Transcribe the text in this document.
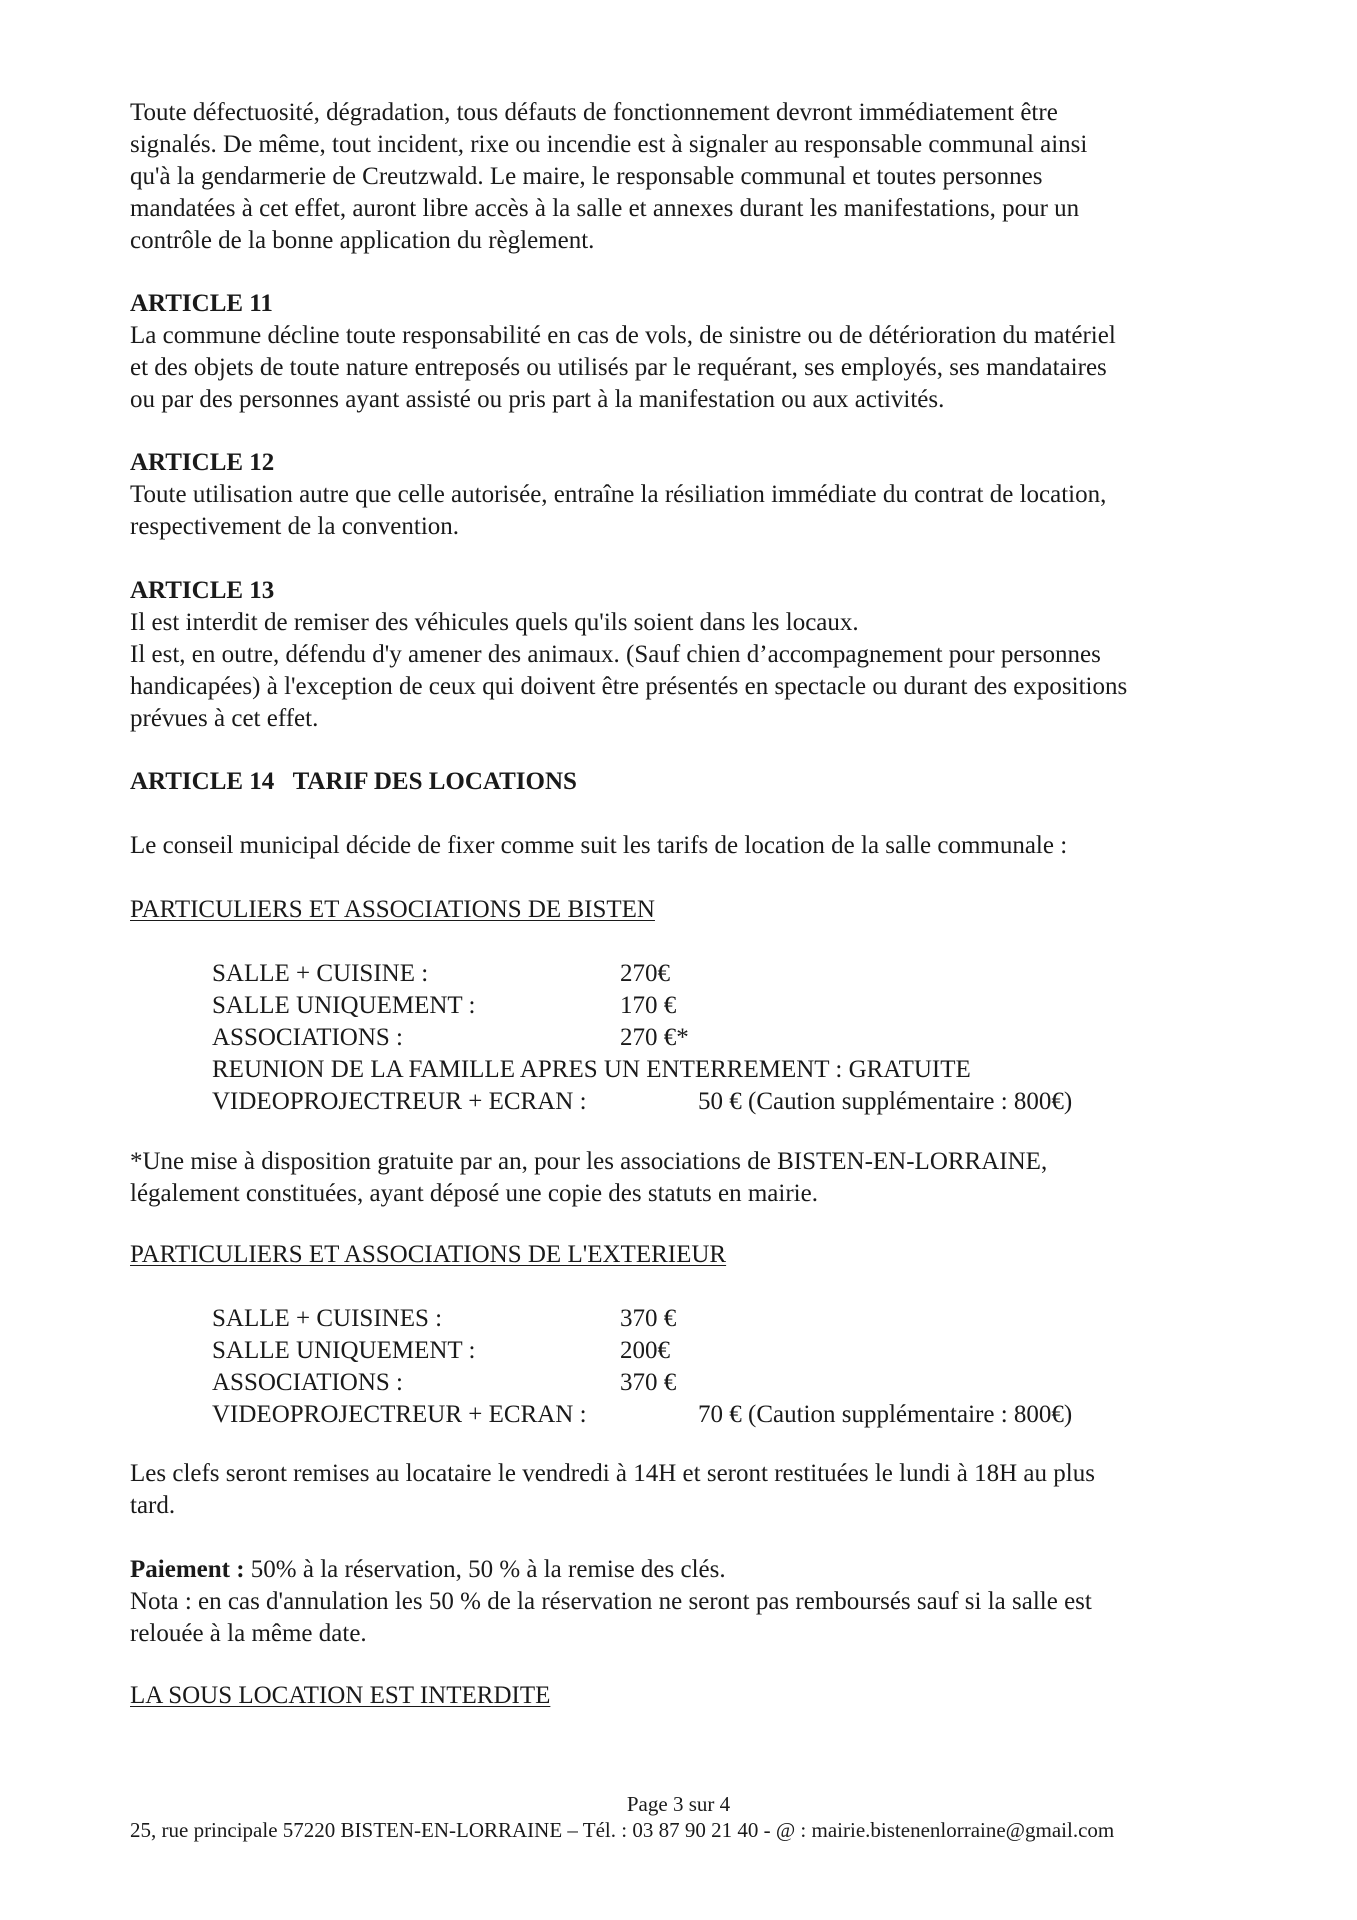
Toute défectuosité, dégradation, tous défauts de fonctionnement devront immédiatement être

signalés. De même, tout incident, rixe ou incendie est à signaler au responsable communal ainsi

qu'à la gendarmerie de Creutzwald. Le maire, le responsable communal et toutes personnes

mandatées à cet effet, auront libre accès à la salle et annexes durant les manifestations, pour un

contrôle de la bonne application du règlement.

ARTICLE 11

La commune décline toute responsabilité en cas de vols, de sinistre ou de détérioration du matériel

et des objets de toute nature entreposés ou utilisés par le requérant, ses employés, ses mandataires

ou par des personnes ayant assisté ou pris part à la manifestation ou aux activités.

ARTICLE 12

Toute utilisation autre que celle autorisée, entraîne la résiliation immédiate du contrat de location,

respectivement de la convention.

ARTICLE 13

Il est interdit de remiser des véhicules quels qu'ils soient dans les locaux.

Il est, en outre, défendu d'y amener des animaux. (Sauf chien d’accompagnement pour personnes

handicapées) à l'exception de ceux qui doivent être présentés en spectacle ou durant des expositions

prévues à cet effet.

ARTICLE 14   TARIF DES LOCATIONS

Le conseil municipal décide de fixer comme suit les tarifs de location de la salle communale :

PARTICULIERS ET ASSOCIATIONS DE BISTEN

SALLE + CUISINE :	270€
SALLE UNIQUEMENT :	170 €
ASSOCIATIONS :	270 €*
REUNION DE LA FAMILLE APRES UN ENTERREMENT : GRATUITE
VIDEOPROJECTREUR + ECRAN :	50 € (Caution supplémentaire : 800€)

*Une mise à disposition gratuite par an, pour les associations de BISTEN-EN-LORRAINE,

légalement constituées, ayant déposé une copie des statuts en mairie.

PARTICULIERS ET ASSOCIATIONS DE L'EXTERIEUR

SALLE + CUISINES :	370 €
SALLE UNIQUEMENT :	200€
ASSOCIATIONS :	370 €
VIDEOPROJECTREUR + ECRAN :	70 € (Caution supplémentaire : 800€)

Les clefs seront remises au locataire le vendredi à 14H et seront restituées le lundi à 18H au plus

tard.

Paiement : 50% à la réservation, 50 % à la remise des clés.

Nota : en cas d'annulation les 50 % de la réservation ne seront pas remboursés sauf si la salle est

relouée à la même date.

LA SOUS LOCATION EST INTERDITE

Page 3 sur 4
25, rue principale 57220 BISTEN-EN-LORRAINE – Tél. : 03 87 90 21 40 - @ : mairie.bistenenlorraine@gmail.com
